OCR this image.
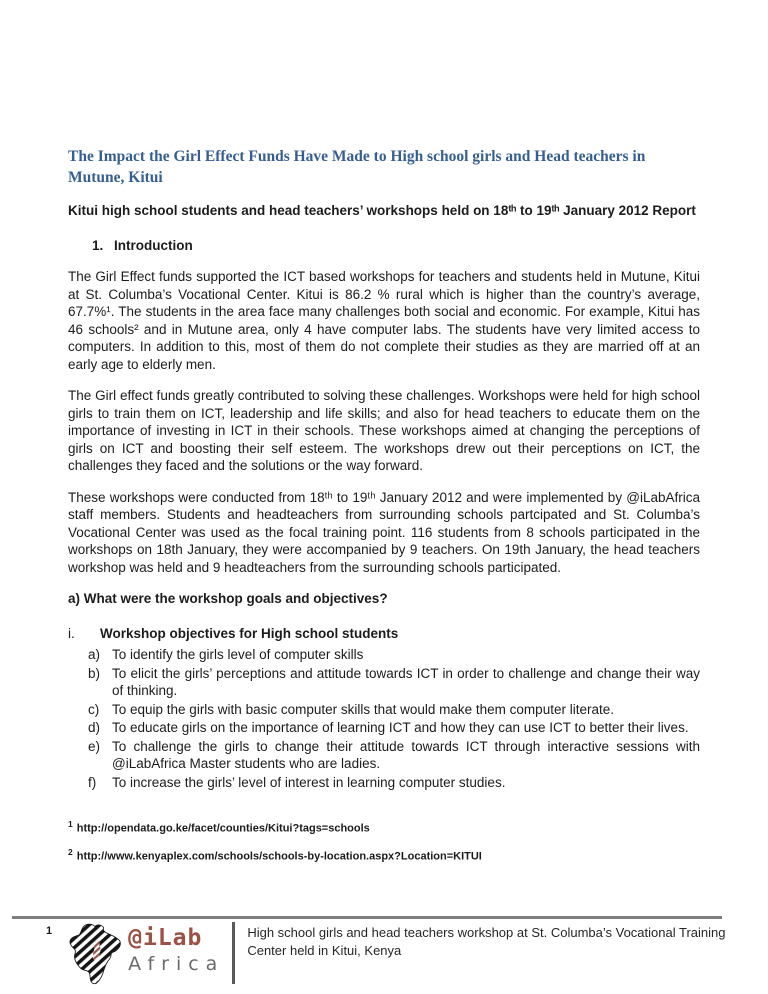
The Impact the Girl Effect Funds Have Made to High school girls and Head teachers in Mutune, Kitui

Kitui high school students and head teachers’ workshops held on 18ᵗʰ to 19ᵗʰ January 2012 Report

1. Introduction

The Girl Effect funds supported the ICT based workshops for teachers and students held in Mutune, Kitui at St. Columba’s Vocational Center. Kitui is 86.2 % rural which is higher than the country’s average, 67.7%¹. The students in the area face many challenges both social and economic. For example, Kitui has 46 schools² and in Mutune area, only 4 have computer labs. The students have very limited access to computers. In addition to this, most of them do not complete their studies as they are married off at an early age to elderly men.

The Girl effect funds greatly contributed to solving these challenges. Workshops were held for high school girls to train them on ICT, leadership and life skills; and also for head teachers to educate them on the importance of investing in ICT in their schools. These workshops aimed at changing the perceptions of girls on ICT and boosting their self esteem. The workshops drew out their perceptions on ICT, the challenges they faced and the solutions or the way forward.

These workshops were conducted from 18ᵗʰ to 19ᵗʰ January 2012 and were implemented by @iLabAfrica staff members. Students and headteachers from surrounding schools partcipated and St. Columba’s Vocational Center was used as the focal training point. 116 students from 8 schools participated in the workshops on 18th January, they were accompanied by 9 teachers. On 19th January, the head teachers workshop was held and 9 headteachers from the surrounding schools participated.

a) What were the workshop goals and objectives?
i. Workshop objectives for High school students
a) To identify the girls level of computer skills
b) To elicit the girls’ perceptions and attitude towards ICT in order to challenge and change their way of thinking.
c) To equip the girls with basic computer skills that would make them computer literate.
d) To educate girls on the importance of learning ICT and how they can use ICT to better their lives.
e) To challenge the girls to change their attitude towards ICT through interactive sessions with @iLabAfrica Master students who are ladies.
f) To increase the girls’ level of interest in learning computer studies.
$^1$ http://opendata.go.ke/facet/counties/Kitui?tags=schools
$^2$ http://www.kenyaplex.com/schools/schools-by-location.aspx?Location=KITUI
1	@iLab
Africa
High school girls and head teachers workshop at St. Columba’s Vocational Training Center held in Kitui, Kenya
